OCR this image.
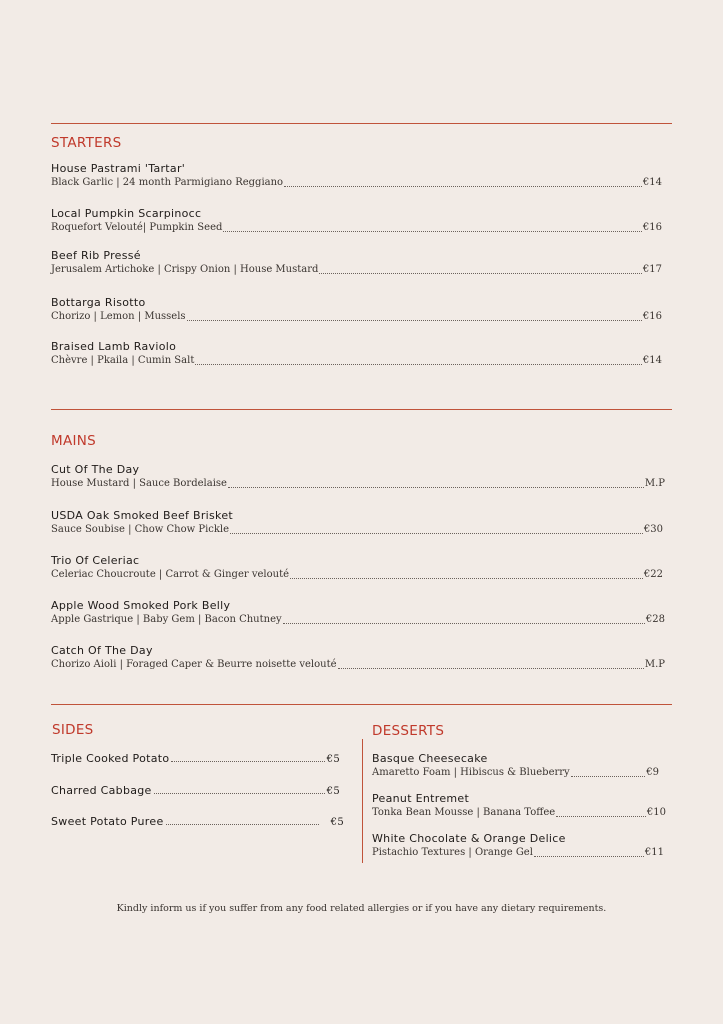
STARTERS
House Pastrami 'Tartar'
Black Garlic | 24 month Parmigiano Reggiano	€14
Local Pumpkin Scarpinocc
Roquefort Velouté| Pumpkin Seed	€16
Beef Rib Pressé
Jerusalem Artichoke | Crispy Onion | House Mustard	€17
Bottarga Risotto
Chorizo | Lemon | Mussels	€16
Braised Lamb Raviolo
Chèvre | Pkaila | Cumin Salt	€14
MAINS
Cut Of The Day
House Mustard | Sauce Bordelaise	M.P
USDA Oak Smoked Beef Brisket
Sauce Soubise | Chow Chow Pickle	€30
Trio Of Celeriac
Celeriac Choucroute | Carrot & Ginger velouté	€22
Apple Wood Smoked Pork Belly
Apple Gastrique | Baby Gem | Bacon Chutney	€28
Catch Of The Day
Chorizo Aioli | Foraged Caper & Beurre noisette velouté	M.P
SIDES
Triple Cooked Potato	€5
Charred Cabbage	€5
Sweet Potato Puree	€5
DESSERTS
Basque Cheesecake
Amaretto Foam | Hibiscus & Blueberry	€9
Peanut Entremet
Tonka Bean Mousse | Banana Toffee	€10
White Chocolate & Orange Delice
Pistachio Textures | Orange Gel	€11
Kindly inform us if you suffer from any food related allergies or if you have any dietary requirements.
